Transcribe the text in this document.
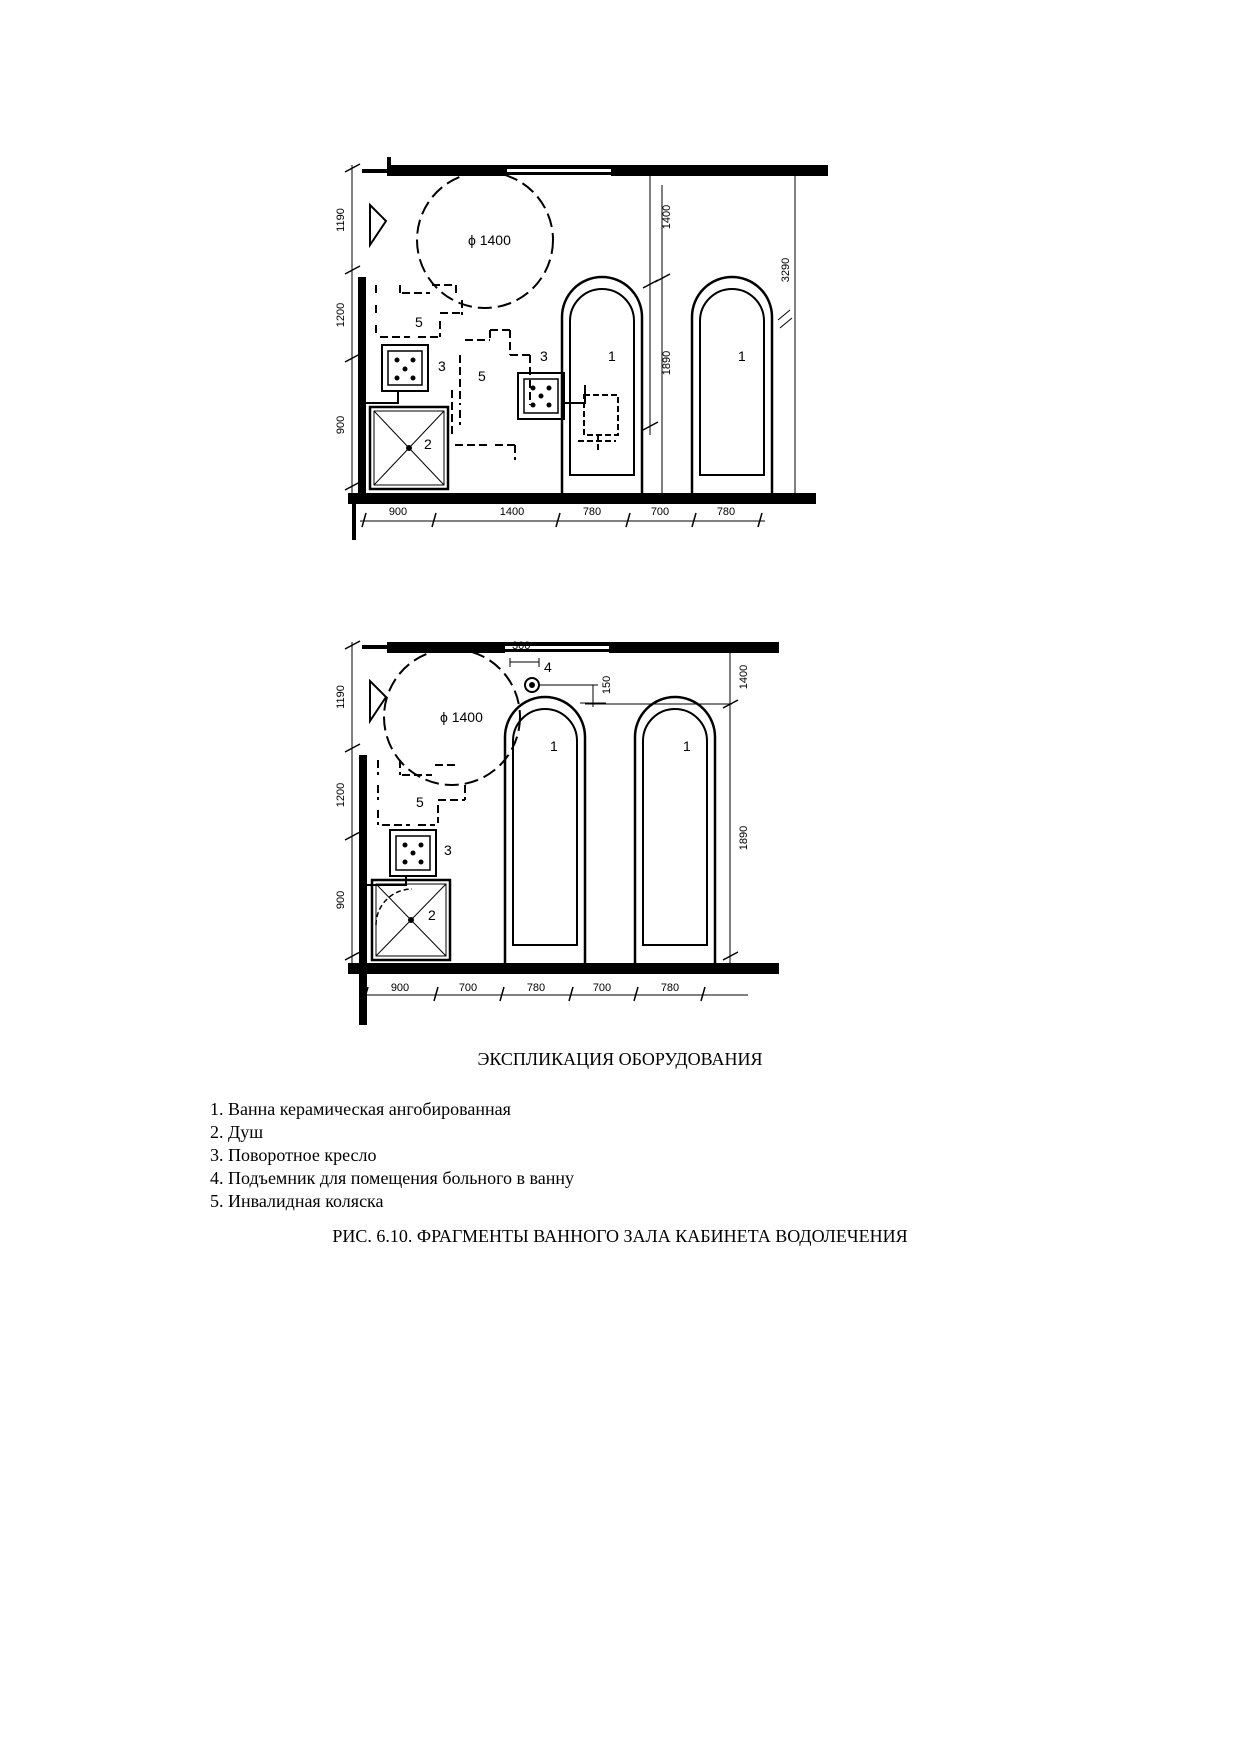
ϕ 1400
5
3
2
5
3	1	1
1190
1200
900
1400
1890
3290
900	1400	780	700	780
ϕ 1400
5
3
2
300
4
150
1	1
1190
1200
900
1400
1890
900	700	780	700	780
ЭКСПЛИКАЦИЯ ОБОРУДОВАНИЯ
1. Ванна керамическая ангобированная
2. Душ
3. Поворотное кресло
4. Подъемник для помещения больного в ванну
5. Инвалидная коляска
РИС. 6.10. ФРАГМЕНТЫ ВАННОГО ЗАЛА КАБИНЕТА ВОДОЛЕЧЕНИЯ
